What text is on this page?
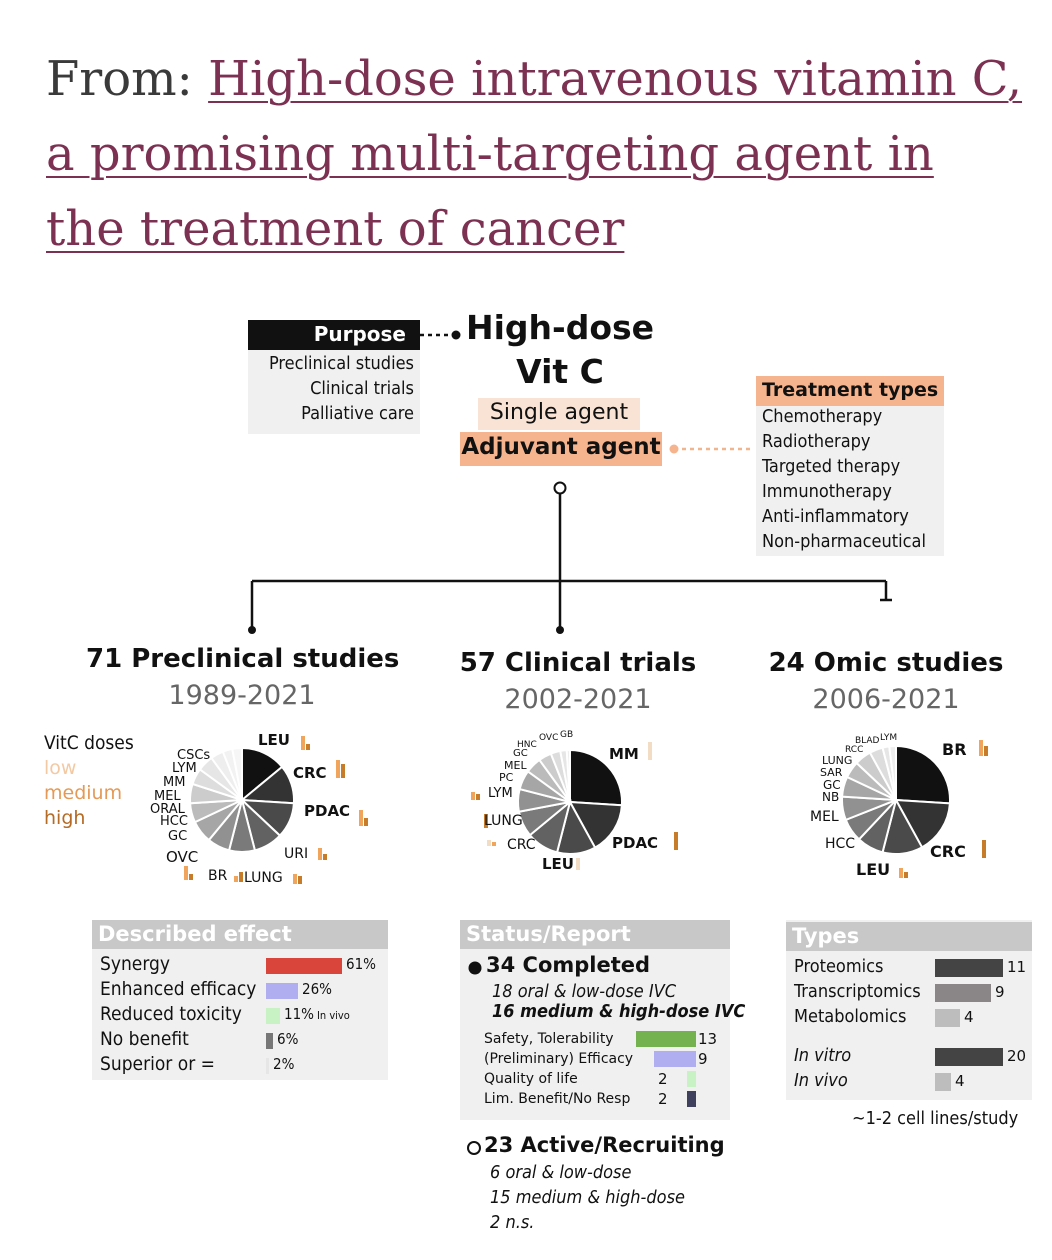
From: High-dose intravenous vitamin C, a promising multi-targeting agent in the treatment of cancer
Purpose
Preclinical studies
Clinical trials
Palliative care
High-dose
Vit C
Single agent
Adjuvant agent
Treatment types
Chemotherapy
Radiotherapy
Targeted therapy
Immunotherapy
Anti-inflammatory
Non-pharmaceutical
71 Preclinical studies
1989-2021
57 Clinical trials
2002-2021
24 Omic studies
2006-2021
VitC doses
low
medium
high
LEU
CRC
PDAC
URI
LUNG
BR
OVC
GC
HCC
ORAL
MEL
MM
LYM
CSCs	MM
PDAC
LEU
CRC
LUNG
LYM
PC
MEL
GC
HNC
OVC GB
BR
CRC
LEU
HCC
MEL
NB
GC
SAR
LUNG
RCC
BLAD LYM
Described effect
Synergy	61%
Enhanced efficacy	26%
Reduced toxicity	11% In vivo
No benefit	6%
Superior or =	2%
Status/Report
34 Completed
18 oral & low-dose IVC
16 medium & high-dose IVC
Safety, Tolerability	13
(Preliminary) Efficacy	9
Quality of life	2
Lim. Benefit/No Resp 2
23 Active/Recruiting
6 oral & low-dose
15 medium & high-dose
2 n.s.
Types
Proteomics	11
Transcriptomics	9
Metabolomics	4
In vitro	20
In vivo	4
~1-2 cell lines/study
